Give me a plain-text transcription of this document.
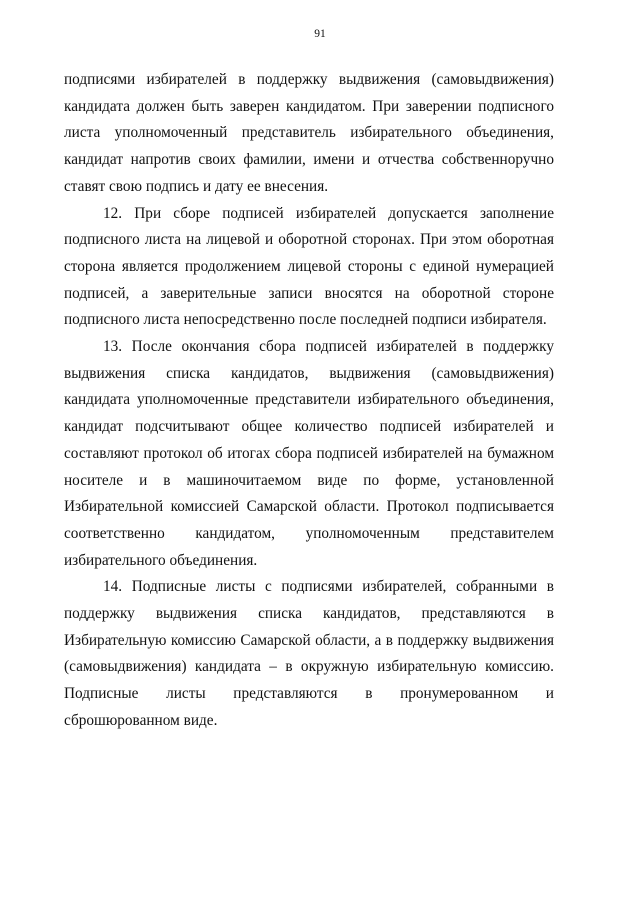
91

подписями избирателей в поддержку выдвижения (самовыдвижения) кандидата должен быть заверен кандидатом. При заверении подписного листа уполномоченный представитель избирательного объединения, кандидат напротив своих фамилии, имени и отчества собственноручно ставят свою подпись и дату ее внесения.

12. При сборе подписей избирателей допускается заполнение подписного листа на лицевой и оборотной сторонах. При этом оборотная сторона является продолжением лицевой стороны с единой нумерацией подписей, а заверительные записи вносятся на оборотной стороне подписного листа непосредственно после последней подписи избирателя.

13. После окончания сбора подписей избирателей в поддержку выдвижения списка кандидатов, выдвижения (самовыдвижения) кандидата уполномоченные представители избирательного объединения, кандидат подсчитывают общее количество подписей избирателей и составляют протокол об итогах сбора подписей избирателей на бумажном носителе и в машиночитаемом виде по форме, установленной Избирательной комиссией Самарской области. Протокол подписывается соответственно кандидатом, уполномоченным представителем избирательного объединения.

14. Подписные листы с подписями избирателей, собранными в поддержку выдвижения списка кандидатов, представляются в Избирательную комиссию Самарской области, а в поддержку выдвижения (самовыдвижения) кандидата – в окружную избирательную комиссию. Подписные листы представляются в пронумерованном и сброшюрованном виде.
